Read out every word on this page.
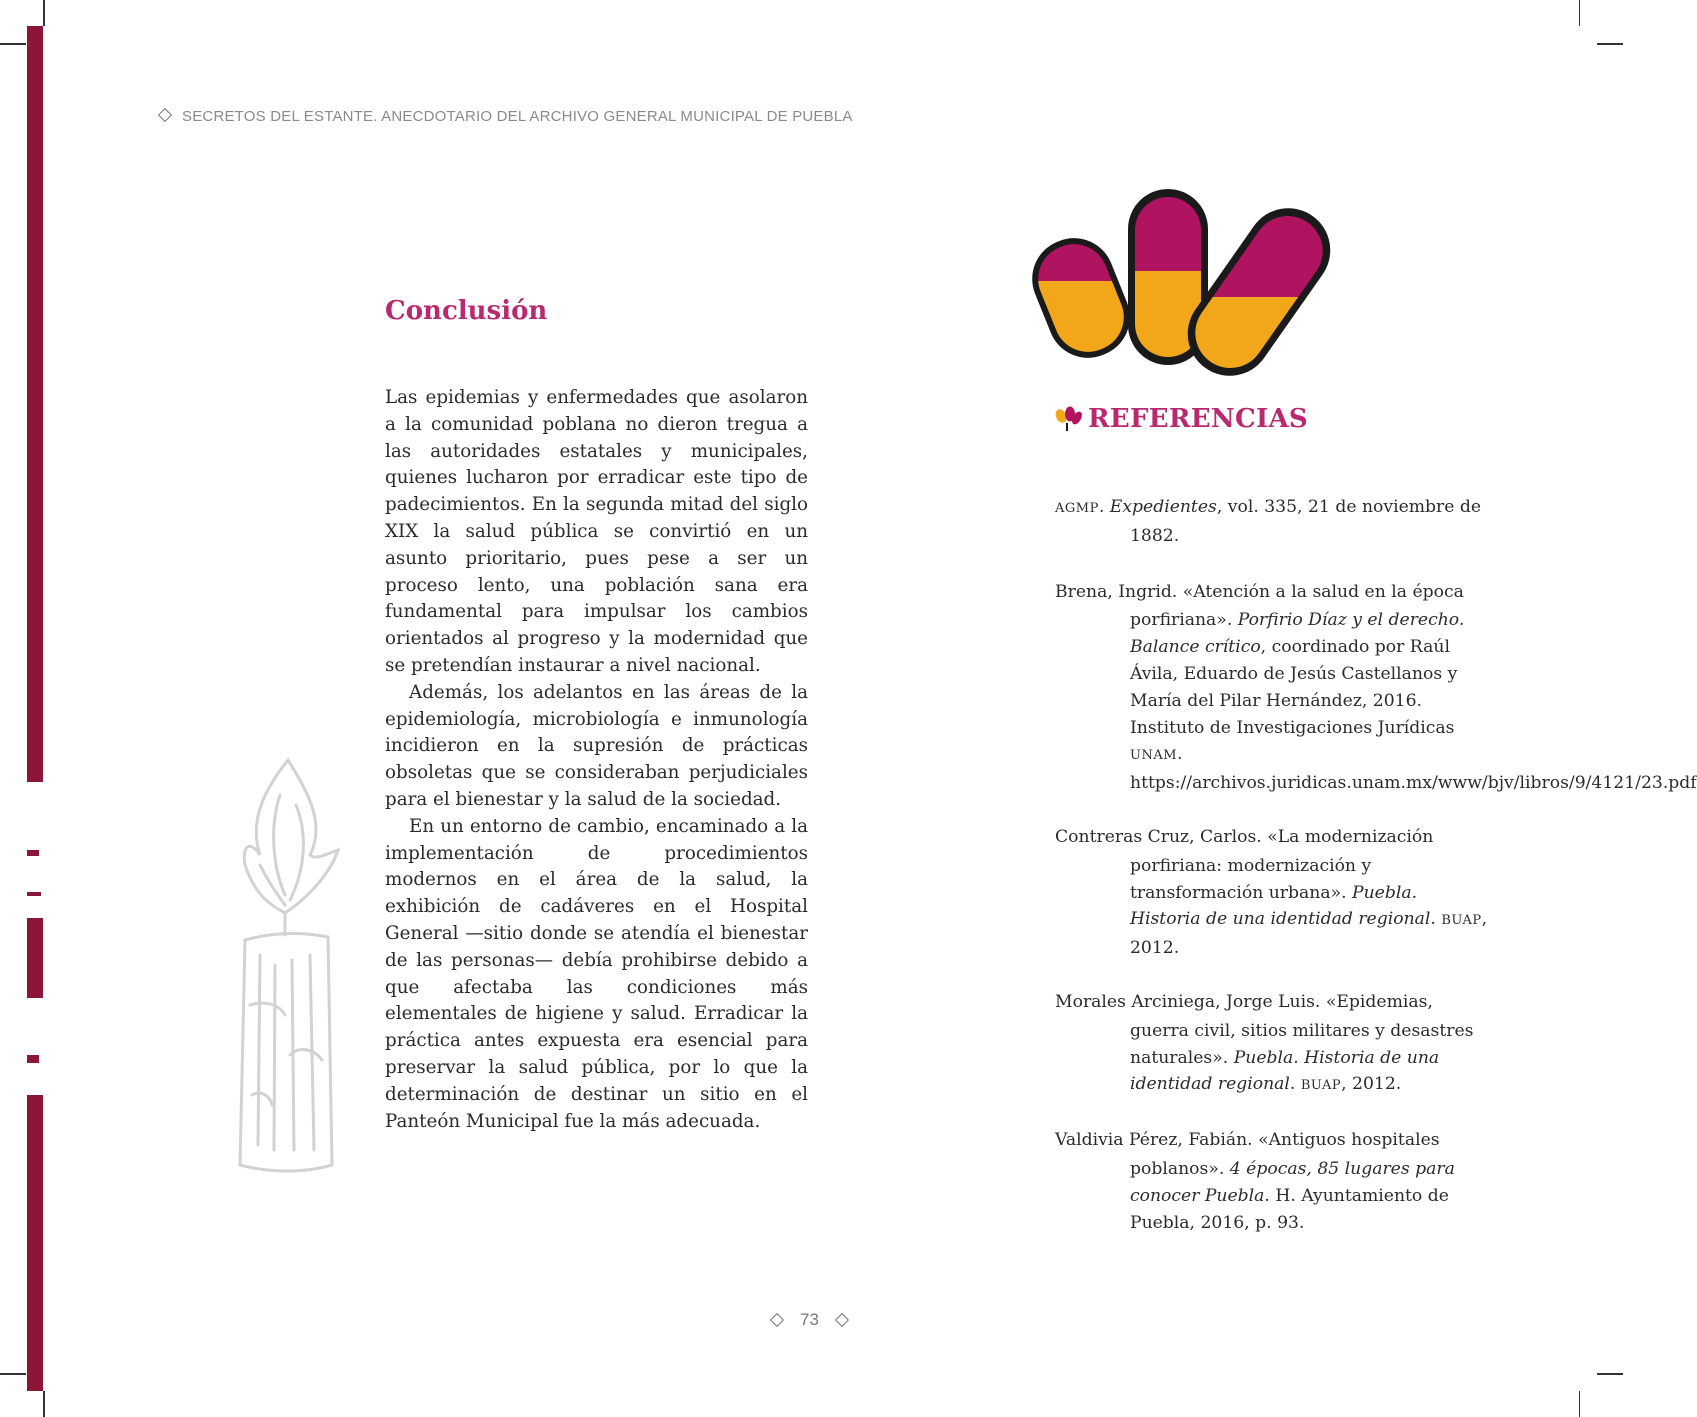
SECRETOS DEL ESTANTE. ANECDOTARIO DEL ARCHIVO GENERAL MUNICIPAL DE PUEBLA
Conclusión

Las epidemias y enfermedades que asolaron a la comunidad poblana no dieron tregua a las autoridades estatales y municipales, quienes lucharon por erradicar este tipo de padecimientos. En la segunda mitad del siglo XIX la salud pública se convirtió en un asunto prioritario, pues pese a ser un proceso lento, una población sana era fundamental para impulsar los cambios orientados al progreso y la modernidad que se pretendían instaurar a nivel nacional.

Además, los adelantos en las áreas de la epidemiología, microbiología e inmunología incidieron en la supresión de prácticas obsoletas que se consideraban perjudiciales para el bienestar y la salud de la sociedad.

En un entorno de cambio, encaminado a la implementación de procedimientos modernos en el área de la salud, la exhibición de cadáveres en el Hospital General —sitio donde se atendía el bienestar de las personas— debía prohibirse debido a que afectaba las condiciones más elementales de higiene y salud. Erradicar la práctica antes expuesta era esencial para preservar la salud pública, por lo que la determinación de destinar un sitio en el Panteón Municipal fue la más adecuada.

REFERENCIAS
AGMP. Expedientes, vol. 335, 21 de noviembre de 1882.
Brena, Ingrid. «Atención a la salud en la época porfiriana». Porfirio Díaz y el derecho. Balance crítico, coordinado por Raúl Ávila, Eduardo de Jesús Castellanos y María del Pilar Hernández, 2016. Instituto de Investigaciones Jurídicas UNAM. https://archivos.juridicas.unam.mx/www/bjv/libros/9/4121/23.pdf
Contreras Cruz, Carlos. «La modernización porfiriana: modernización y transformación urbana». Puebla. Historia de una identidad regional. BUAP, 2012.
Morales Arciniega, Jorge Luis. «Epidemias, guerra civil, sitios militares y desastres naturales». Puebla. Historia de una identidad regional. BUAP, 2012.
Valdivia Pérez, Fabián. «Antiguos hospitales poblanos». 4 épocas, 85 lugares para conocer Puebla. H. Ayuntamiento de Puebla, 2016, p. 93.
73
